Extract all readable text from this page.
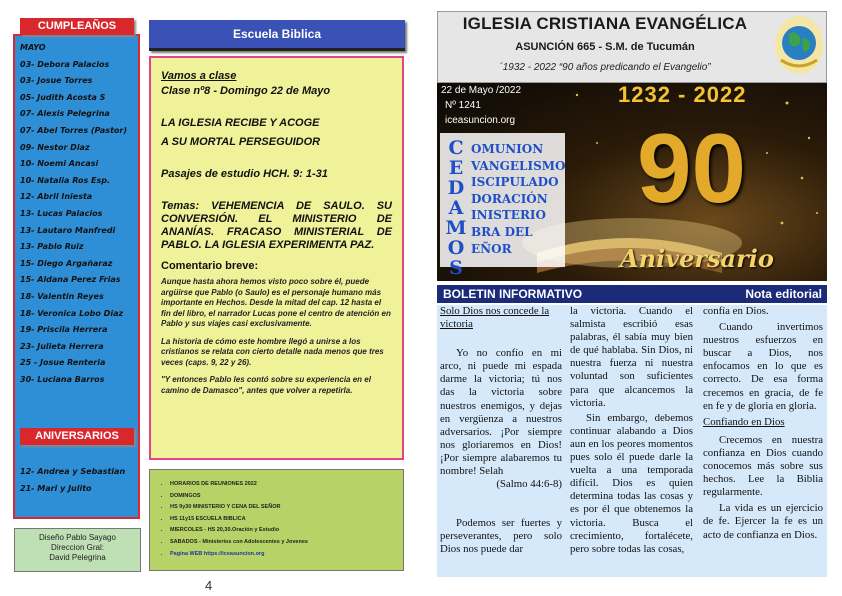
CUMPLEAÑOS
MAYO
03- Debora Palacios
03- Josue Torres
05- Judith Acosta S
07- Alexis Pelegrina
07- Abel Torres (Pastor)
09- Nestor Diaz
10- Noemi Ancasi
10- Natalia Ros Esp.
12- Abril Iniesta
13- Lucas Palacios
13- Lautaro Manfredi
13- Pablo Ruiz
15- Diego Argañaraz
15- Aldana Perez Frias
18- Valentin Reyes
18- Veronica Lobo Diaz
19- Priscila Herrera
23- Julieta Herrera
25 - Josue Renteria
30- Luciana Barros
ANIVERSARIOS
12- Andrea y Sebastian
21- Mari y Julito
Diseño Pablo Sayago
Direccion Gral:
David Pelegrina
Escuela Biblica
Vamos a clase
Clase nº8 - Domingo 22 de Mayo
LA IGLESIA RECIBE Y ACOGE
A SU MORTAL PERSEGUIDOR
Pasajes de estudio HCH. 9: 1-31
Temas: VEHEMENCIA DE SAULO. SU CONVERSIÓN. EL MINISTERIO DE ANANÍAS. FRACASO MINISTERIAL DE PABLO. LA IGLESIA EXPERIMENTA PAZ.
Comentario breve:
Aunque hasta ahora hemos visto poco sobre él, puede argüirse que Pablo (o Saulo) es el personaje humano más importante en Hechos. Desde la mitad del cap. 12 hasta el fin del libro, el narrador Lucas pone el centro de atención en Pablo y sus viajes casi exclusivamente.
La historia de cómo este hombre llegó a unirse a los cristianos se relata con cierto detalle nada menos que tres veces (caps. 9, 22 y 26).
"Y entonces Pablo les contó sobre su experiencia en el camino de Damasco", antes que volver a repetirla.
• HORARIOS DE REUNIONES 2022
• DOMINGOS
• HS 9y30 MINISTERIO Y CENA DEL SEÑOR
• HS 11y15 ESCUELA BIBLICA
• MIERCOLES - HS 20,30.Oración y Estudio
• SABADOS - Ministerios con Adolescentes y Jovenes
• Pagina WEB https://iceasuncion.org
4
IGLESIA CRISTIANA EVANGÉLICA
ASUNCIÓN 665 - S.M. de Tucumán
´1932 - 2022 “90 años predicando el Evangelio”
22 de Mayo /2022
Nº 1241
iceasuncion.org
1232 - 2022
90
Aniversario
C
E
D
A
M
O
S
OMUNION
VANGELISMO
ISCIPULADO
DORACIÓN
INISTERIO
BRA DEL
EÑOR
BOLETIN INFORMATIVO	Nota editorial

Solo Dios nos concede la victoria

Yo no confío en mi arco, ni puede mi espada darme la victoria; tú nos das la victoria sobre nuestros enemigos, y dejas en vergüenza a nuestros adversarios. ¡Por siempre nos gloriaremos en Dios! ¡Por siempre alabaremos tu nombre! Selah

(Salmo 44:6-8)

Podemos ser fuertes y perseverantes, pero solo Dios nos puede dar

la victoria. Cuando el salmista escribió esas palabras, él sabía muy bien de qué hablaba. Sin Dios, ni nuestra fuerza ni nuestra voluntad son suficientes para que alcancemos la victoria.

Sin embargo, debemos continuar alabando a Dios aun en los peores momentos pues solo él puede darle la vuelta a una temporada difícil. Dios es quien determina todas las cosas y es por él que obtenemos la victoria. Busca el crecimiento, fortalécete, pero sobre todas las cosas,

confía en Dios.

Cuando invertimos nuestros esfuerzos en buscar a Dios, nos enfocamos en lo que es correcto. De esa forma crecemos en gracia, de fe en fe y de gloria en gloria.

Confiando en Dios

Crecemos en nuestra confianza en Dios cuando conocemos más sobre sus hechos. Lee la Biblia regularmente.

La vida es un ejercicio de fe. Ejercer la fe es un acto de confianza en Dios.
